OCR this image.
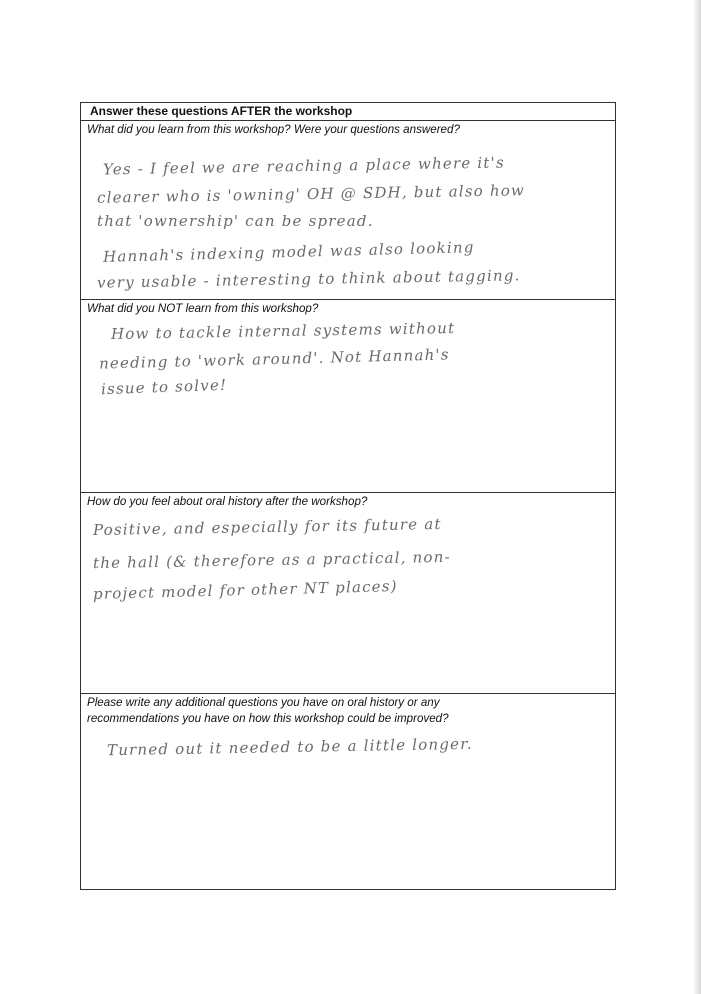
Answer these questions AFTER the workshop
What did you learn from this workshop? Were your questions answered?
Yes - I feel we are reaching a place where it's
clearer who is 'owning' OH @ SDH, but also how
that 'ownership' can be spread.
Hannah's indexing model was also looking
very usable - interesting to think about tagging.
What did you NOT learn from this workshop?
How to tackle internal systems without
needing to 'work around'. Not Hannah's
issue to solve!
How do you feel about oral history after the workshop?
Positive, and especially for its future at
the hall (& therefore as a practical, non-
project model for other NT places)
Please write any additional questions you have on oral history or any
recommendations you have on how this workshop could be improved?
Turned out it needed to be a little longer.
